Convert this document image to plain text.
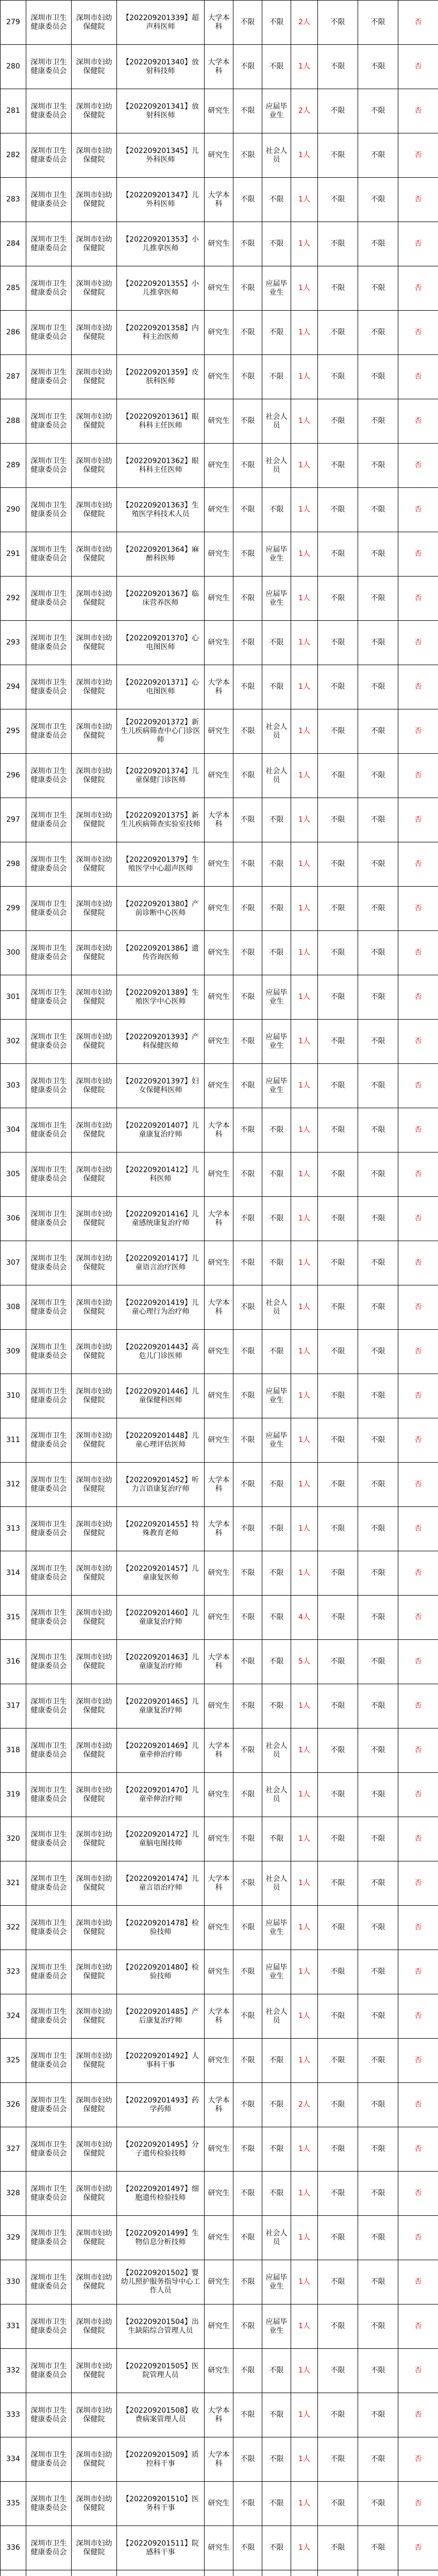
279	深圳市卫生健康委员会	深圳市妇幼保健院	【202209201339】超声科医师	大学本科	不限	不限	2人	不限	不限	否
280	深圳市卫生健康委员会	深圳市妇幼保健院	【202209201340】放射科技师	大学本科	不限	不限	1人	不限	不限	否
281	深圳市卫生健康委员会	深圳市妇幼保健院	【202209201341】放射科医师	研究生	不限	应届毕业生	2人	不限	不限	否
282	深圳市卫生健康委员会	深圳市妇幼保健院	【202209201345】儿外科医师	研究生	不限	社会人员	1人	不限	不限	否
283	深圳市卫生健康委员会	深圳市妇幼保健院	【202209201347】儿外科医师	大学本科	不限	不限	1人	不限	不限	否
284	深圳市卫生健康委员会	深圳市妇幼保健院	【202209201353】小儿推拿医师	研究生	不限	不限	1人	不限	不限	否
285	深圳市卫生健康委员会	深圳市妇幼保健院	【202209201355】小儿推拿医师	研究生	不限	应届毕业生	1人	不限	不限	否
286	深圳市卫生健康委员会	深圳市妇幼保健院	【202209201358】内科主治医师	研究生	不限	不限	1人	不限	不限	否
287	深圳市卫生健康委员会	深圳市妇幼保健院	【202209201359】皮肤科医师	研究生	不限	不限	1人	不限	不限	否
288	深圳市卫生健康委员会	深圳市妇幼保健院	【202209201361】眼科科主任医师	研究生	不限	社会人员	1人	不限	不限	否
289	深圳市卫生健康委员会	深圳市妇幼保健院	【202209201362】眼科科主任医师	研究生	不限	社会人员	1人	不限	不限	否
290	深圳市卫生健康委员会	深圳市妇幼保健院	【202209201363】生殖医学科技术人员	研究生	不限	不限	1人	不限	不限	否
291	深圳市卫生健康委员会	深圳市妇幼保健院	【202209201364】麻醉科医师	研究生	不限	应届毕业生	1人	不限	不限	否
292	深圳市卫生健康委员会	深圳市妇幼保健院	【202209201367】临床营养医师	研究生	不限	应届毕业生	1人	不限	不限	否
293	深圳市卫生健康委员会	深圳市妇幼保健院	【202209201370】心电图医师	研究生	不限	不限	1人	不限	不限	否
294	深圳市卫生健康委员会	深圳市妇幼保健院	【202209201371】心电图医师	大学本科	不限	不限	1人	不限	不限	否
295	深圳市卫生健康委员会	深圳市妇幼保健院	【202209201372】新生儿疾病筛查中心门诊医师	研究生	不限	社会人员	1人	不限	不限	否
296	深圳市卫生健康委员会	深圳市妇幼保健院	【202209201374】儿童保健门诊医师	研究生	不限	社会人员	1人	不限	不限	否
297	深圳市卫生健康委员会	深圳市妇幼保健院	【202209201375】新生儿疾病筛查实验室技师	大学本科	不限	不限	1人	不限	不限	否
298	深圳市卫生健康委员会	深圳市妇幼保健院	【202209201379】生殖医学中心超声医师	研究生	不限	不限	1人	不限	不限	否
299	深圳市卫生健康委员会	深圳市妇幼保健院	【202209201380】产前诊断中心医师	研究生	不限	不限	1人	不限	不限	否
300	深圳市卫生健康委员会	深圳市妇幼保健院	【202209201386】遗传咨询医师	研究生	不限	不限	1人	不限	不限	否
301	深圳市卫生健康委员会	深圳市妇幼保健院	【202209201389】生殖医学中心医师	研究生	不限	应届毕业生	1人	不限	不限	否
302	深圳市卫生健康委员会	深圳市妇幼保健院	【202209201393】产科保健医师	研究生	不限	应届毕业生	1人	不限	不限	否
303	深圳市卫生健康委员会	深圳市妇幼保健院	【202209201397】妇女保健科医师	研究生	不限	应届毕业生	1人	不限	不限	否
304	深圳市卫生健康委员会	深圳市妇幼保健院	【202209201407】儿童康复治疗师	大学本科	不限	不限	1人	不限	不限	否
305	深圳市卫生健康委员会	深圳市妇幼保健院	【202209201412】儿科医师	研究生	不限	不限	1人	不限	不限	否
306	深圳市卫生健康委员会	深圳市妇幼保健院	【202209201416】儿童感统康复治疗师	大学本科	不限	不限	1人	不限	不限	否
307	深圳市卫生健康委员会	深圳市妇幼保健院	【202209201417】儿童语言治疗医师	研究生	不限	不限	1人	不限	不限	否
308	深圳市卫生健康委员会	深圳市妇幼保健院	【202209201419】儿童心理行为治疗师	大学本科	不限	社会人员	1人	不限	不限	否
309	深圳市卫生健康委员会	深圳市妇幼保健院	【202209201443】高危儿门诊医师	研究生	不限	不限	1人	不限	不限	否
310	深圳市卫生健康委员会	深圳市妇幼保健院	【202209201446】儿童保健科医师	研究生	不限	应届毕业生	1人	不限	不限	否
311	深圳市卫生健康委员会	深圳市妇幼保健院	【202209201448】儿童心理评估医师	研究生	不限	应届毕业生	1人	不限	不限	否
312	深圳市卫生健康委员会	深圳市妇幼保健院	【202209201452】听力言语康复治疗师	大学本科	不限	不限	1人	不限	不限	否
313	深圳市卫生健康委员会	深圳市妇幼保健院	【202209201455】特殊教育老师	大学本科	不限	不限	1人	不限	不限	否
314	深圳市卫生健康委员会	深圳市妇幼保健院	【202209201457】儿童康复医师	研究生	不限	不限	1人	不限	不限	否
315	深圳市卫生健康委员会	深圳市妇幼保健院	【202209201460】儿童康复治疗师	研究生	不限	不限	4人	不限	不限	否
316	深圳市卫生健康委员会	深圳市妇幼保健院	【202209201463】儿童康复治疗师	大学本科	不限	不限	5人	不限	不限	否
317	深圳市卫生健康委员会	深圳市妇幼保健院	【202209201465】儿童康复治疗师	研究生	不限	不限	1人	不限	不限	否
318	深圳市卫生健康委员会	深圳市妇幼保健院	【202209201469】儿童牵伸治疗师	大学本科	不限	社会人员	1人	不限	不限	否
319	深圳市卫生健康委员会	深圳市妇幼保健院	【202209201470】儿童牵伸治疗师	研究生	不限	社会人员	1人	不限	不限	否
320	深圳市卫生健康委员会	深圳市妇幼保健院	【202209201472】儿童脑电图技师	研究生	不限	不限	1人	不限	不限	否
321	深圳市卫生健康委员会	深圳市妇幼保健院	【202209201474】儿童言语治疗师	大学本科	不限	社会人员	1人	不限	不限	否
322	深圳市卫生健康委员会	深圳市妇幼保健院	【202209201478】检验技师	研究生	不限	应届毕业生	1人	不限	不限	否
323	深圳市卫生健康委员会	深圳市妇幼保健院	【202209201480】检验技师	研究生	不限	应届毕业生	1人	不限	不限	否
324	深圳市卫生健康委员会	深圳市妇幼保健院	【202209201485】产后康复治疗师	大学本科	不限	社会人员	1人	不限	不限	否
325	深圳市卫生健康委员会	深圳市妇幼保健院	【202209201492】人事科干事	研究生	不限	不限	1人	不限	不限	否
326	深圳市卫生健康委员会	深圳市妇幼保健院	【202209201493】药学药师	大学本科	不限	不限	2人	不限	不限	否
327	深圳市卫生健康委员会	深圳市妇幼保健院	【202209201495】分子遗传检验技师	研究生	不限	不限	1人	不限	不限	否
328	深圳市卫生健康委员会	深圳市妇幼保健院	【202209201497】细胞遗传检验技师	研究生	不限	不限	1人	不限	不限	否
329	深圳市卫生健康委员会	深圳市妇幼保健院	【202209201499】生物信息分析技师	研究生	不限	社会人员	1人	不限	不限	否
330	深圳市卫生健康委员会	深圳市妇幼保健院	【202209201502】婴幼儿照护服务指导中心工作人员	研究生	不限	应届毕业生	1人	不限	不限	否
331	深圳市卫生健康委员会	深圳市妇幼保健院	【202209201504】出生缺陷综合管理人员	研究生	不限	应届毕业生	1人	不限	不限	否
332	深圳市卫生健康委员会	深圳市妇幼保健院	【202209201505】医院管理人员	研究生	不限	不限	1人	不限	不限	否
333	深圳市卫生健康委员会	深圳市妇幼保健院	【202209201508】收费病案管理人员	大学本科	不限	不限	1人	不限	不限	否
334	深圳市卫生健康委员会	深圳市妇幼保健院	【202209201509】质控科干事	大学本科	不限	不限	1人	不限	不限	否
335	深圳市卫生健康委员会	深圳市妇幼保健院	【202209201510】医务科干事	研究生	不限	不限	1人	不限	不限	否
336	深圳市卫生健康委员会	深圳市妇幼保健院	【202209201511】院感科干事	研究生	不限	不限	1人	不限	不限	否
